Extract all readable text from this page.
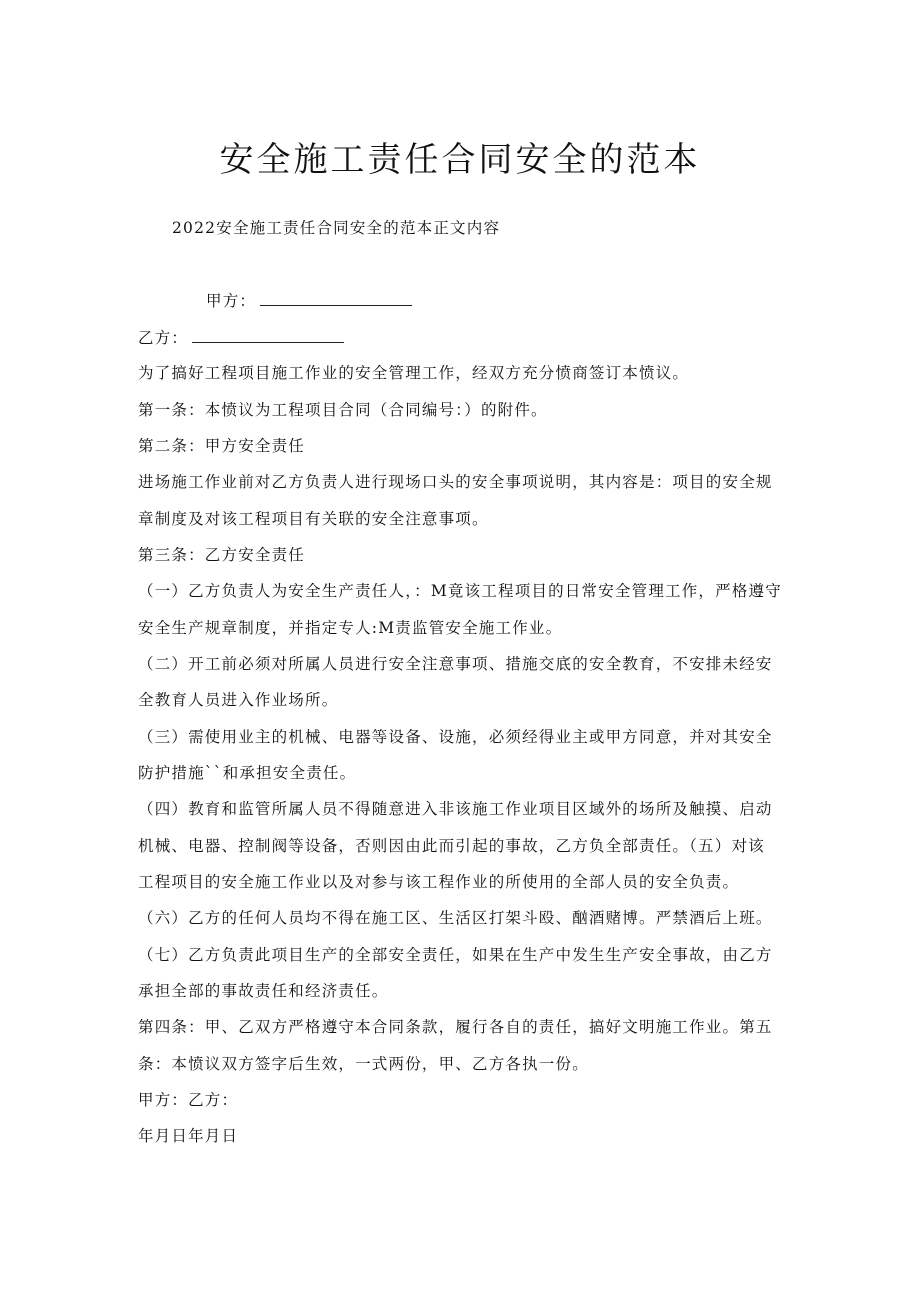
安全施工责任合同安全的范本
2022安全施工责任合同安全的范本正文内容
甲方：
乙方：
为了搞好工程项目施工作业的安全管理工作，经双方充分愤商签订本愤议。
第一条：本愤议为工程项目合同（合同编号：）的附件。
第二条：甲方安全责任
进场施工作业前对乙方负责人进行现场口头的安全事项说明，其内容是：项目的安全规
章制度及对该工程项目有关联的安全注意事项。
第三条：乙方安全责任
（一）乙方负责人为安全生产责任人，：M竟该工程项目的日常安全管理工作，严格遵守
安全生产规章制度，并指定专人:M责监管安全施工作业。
（二）开工前必须对所属人员进行安全注意事项、措施交底的安全教育，不安排未经安
全教育人员进入作业场所。
（三）需使用业主的机械、电器等设备、设施，必须经得业主或甲方同意，并对其安全
防护措施``和承担安全责任。
（四）教育和监管所属人员不得随意进入非该施工作业项目区域外的场所及触摸、启动
机械、电器、控制阀等设备，否则因由此而引起的事故，乙方负全部责任。（五）对该
工程项目的安全施工作业以及对参与该工程作业的所使用的全部人员的安全负责。
（六）乙方的任何人员均不得在施工区、生活区打架斗殴、酗酒赌博。严禁酒后上班。
（七）乙方负责此项目生产的全部安全责任，如果在生产中发生生产安全事故，由乙方
承担全部的事故责任和经济责任。
第四条：甲、乙双方严格遵守本合同条款，履行各自的责任，搞好文明施工作业。第五
条：本愤议双方签字后生效，一式两份，甲、乙方各执一份。
甲方：乙方：
年月日年月日
